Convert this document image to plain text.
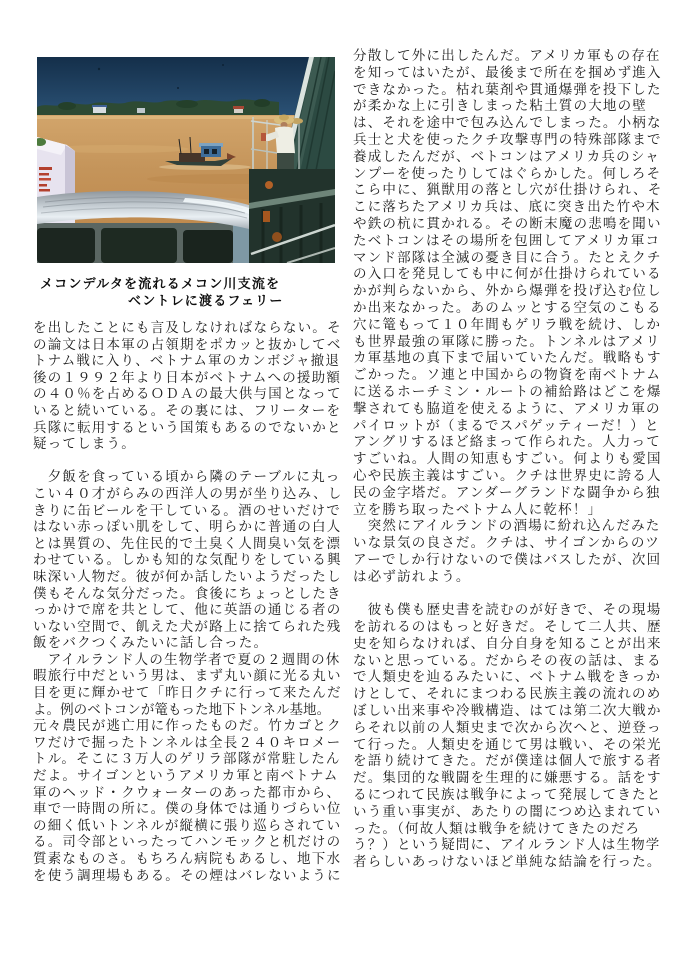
メコンデルタを流れるメコン川支流を
ベントレに渡るフェリー
を出したことにも言及しなければならない。そ
の論文は日本軍の占領期をポカッと抜かしてベ
トナム戦に入り、ベトナム軍のカンボジャ撤退
後の１９９２年より日本がベトナムへの援助額
の４０％を占めるＯＤＡの最大供与国となって
いると続いている。その裏には、フリーターを
兵隊に転用するという国策もあるのでないかと
疑ってしまう。

　夕飯を食っている頃から隣のテーブルに丸っ
こい４０才がらみの西洋人の男が坐り込み、し
きりに缶ビールを干している。酒のせいだけで
はない赤っぽい肌をして、明らかに普通の白人
とは異質の、先住民的で土臭く人間臭い気を漂
わせている。しかも知的な気配りをしている興
味深い人物だ。彼が何か話したいようだったし
僕もそんな気分だった。食後にちょっとしたき
っかけで席を共として、他に英語の通じる者の
いない空間で、飢えた犬が路上に捨てられた残
飯をバクつくみたいに話し合った。
　アイルランド人の生物学者で夏の２週間の休
暇旅行中だという男は、まず丸い顔に光る丸い
目を更に輝かせて「昨日クチに行って来たんだ
よ。例のベトコンが篭もった地下トンネル基地。
元々農民が逃亡用に作ったものだ。竹カゴとク
ワだけで掘ったトンネルは全長２４０キロメー
トル。そこに３万人のゲリラ部隊が常駐したん
だよ。サイゴンというアメリカ軍と南ベトナム
軍のヘッド・クウォーターのあった都市から、
車で一時間の所に。僕の身体では通りづらい位
の細く低いトンネルが縦横に張り巡らされてい
る。司令部といったってハンモックと机だけの
質素なものさ。もちろん病院もあるし、地下水
を使う調理場もある。その煙はバレないように
分散して外に出したんだ。アメリカ軍もの存在
を知ってはいたが、最後まで所在を掴めず進入
できなかった。枯れ葉剤や貫通爆弾を投下した
が柔かな上に引きしまった粘土質の大地の壁
は、それを途中で包み込んでしまった。小柄な
兵士と犬を使ったクチ攻撃専門の特殊部隊まで
養成したんだが、ベトコンはアメリカ兵のシャ
ンプーを使ったりしてはぐらかした。何しろそ
こら中に、猟獣用の落とし穴が仕掛けられ、そ
こに落ちたアメリカ兵は、底に突き出た竹や木
や鉄の杭に貫かれる。その断末魔の悲鳴を聞い
たベトコンはその場所を包囲してアメリカ軍コ
マンド部隊は全滅の憂き目に合う。たとえクチ
の入口を発見しても中に何が仕掛けられている
かが判らないから、外から爆弾を投げ込む位し
か出来なかった。あのムッとする空気のこもる
穴に篭もって１０年間もゲリラ戦を続け、しか
も世界最強の軍隊に勝った。トンネルはアメリ
カ軍基地の真下まで届いていたんだ。戦略もす
ごかった。ソ連と中国からの物資を南ベトナム
に送るホーチミン・ルートの補給路はどこを爆
撃されても脇道を使えるように、アメリカ軍の
パイロットが（まるでスパゲッティーだ！）と
アングリするほど絡まって作られた。人力って
すごいね。人間の知恵もすごい。何よりも愛国
心や民族主義はすごい。クチは世界史に誇る人
民の金字塔だ。アンダーグランドな闘争から独
立を勝ち取ったベトナム人に乾杯！」
　突然にアイルランドの酒場に紛れ込んだみた
いな景気の良さだ。クチは、サイゴンからのツ
アーでしか行けないので僕はバスしたが、次回
は必ず訪れよう。

　彼も僕も歴史書を読むのが好きで、その現場
を訪れるのはもっと好きだ。そして二人共、歴
史を知らなければ、自分自身を知ることが出来
ないと思っている。だからその夜の話は、まる
で人類史を辿るみたいに、ベトナム戦をきっか
けとして、それにまつわる民族主義の流れのめ
ぼしい出来事や冷戦構造、はては第二次大戦か
らそれ以前の人類史まで次から次へと、逆登っ
て行った。人類史を通じて男は戦い、その栄光
を語り続けてきた。だが僕達は個人で旅する者
だ。集団的な戦闘を生理的に嫌悪する。話をす
るにつれて民族は戦争によって発展してきたと
いう重い事実が、あたりの闇につめ込まれてい
った。（何故人類は戦争を続けてきたのだろ
う？）という疑問に、アイルランド人は生物学
者らしいあっけないほど単純な結論を行った。
